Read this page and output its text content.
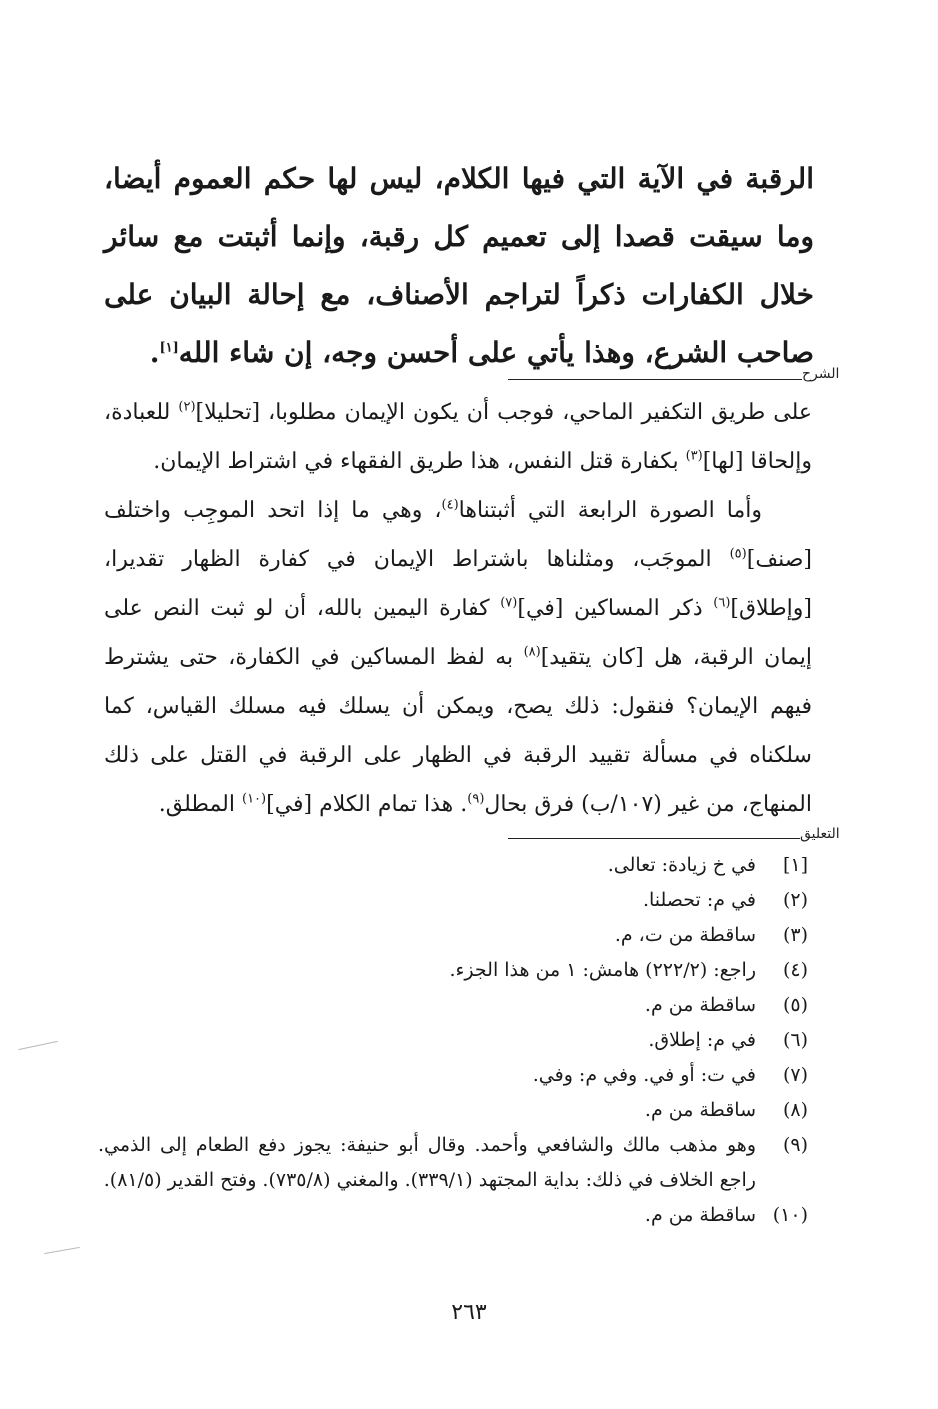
الرقبة في الآية التي فيها الكلام، ليس لها حكم العموم أيضا، وما سيقت قصدا إلى تعميم كل رقبة، وإنما أثبتت مع سائر خلال الكفارات ذكراً لتراجم الأصناف، مع إحالة البيان على صاحب الشرع، وهذا يأتي على أحسن وجه، إن شاء الله[١].
الشرح

على طريق التكفير الماحي، فوجب أن يكون الإيمان مطلوبا، [تحليلا]$^{(٢)}$ للعبادة، وإلحاقا [لها]$^{(٣)}$ بكفارة قتل النفس، هذا طريق الفقهاء في اشتراط الإيمان.

وأما الصورة الرابعة التي أثبتناها$^{(٤)}$، وهي ما إذا اتحد الموجِب واختلف [صنف]$^{(٥)}$ الموجَب، ومثلناها باشتراط الإيمان في كفارة الظهار تقديرا، [وإطلاق]$^{(٦)}$ ذكر المساكين [في]$^{(٧)}$ كفارة اليمين بالله، أن لو ثبت النص على إيمان الرقبة، هل [كان يتقيد]$^{(٨)}$ به لفظ المساكين في الكفارة، حتى يشترط فيهم الإيمان؟ فنقول: ذلك يصح، ويمكن أن يسلك فيه مسلك القياس، كما سلكناه في مسألة تقييد الرقبة في الظهار على الرقبة في القتل على ذلك المنهاج، من غير (١٠٧/ب) فرق بحال$^{(٩)}$. هذا تمام الكلام [في]$^{(١٠)}$ المطلق.

التعليق
[١]
في خ زيادة: تعالى.
(٢)
في م: تحصلنا.
(٣)
ساقطة من ت، م.
(٤)
راجع: (٢٢٢/٢) هامش: ١ من هذا الجزء.
(٥)
ساقطة من م.
(٦)
في م: إطلاق.
(٧)
في ت: أو في. وفي م: وفي.
(٨)
ساقطة من م.
(٩)
وهو مذهب مالك والشافعي وأحمد. وقال أبو حنيفة: يجوز دفع الطعام إلى الذمي. راجع الخلاف في ذلك: بداية المجتهد (٣٣٩/١). والمغني (٧٣٥/٨). وفتح القدير (٨١/٥).
(١٠)
ساقطة من م.
٢٦٣
